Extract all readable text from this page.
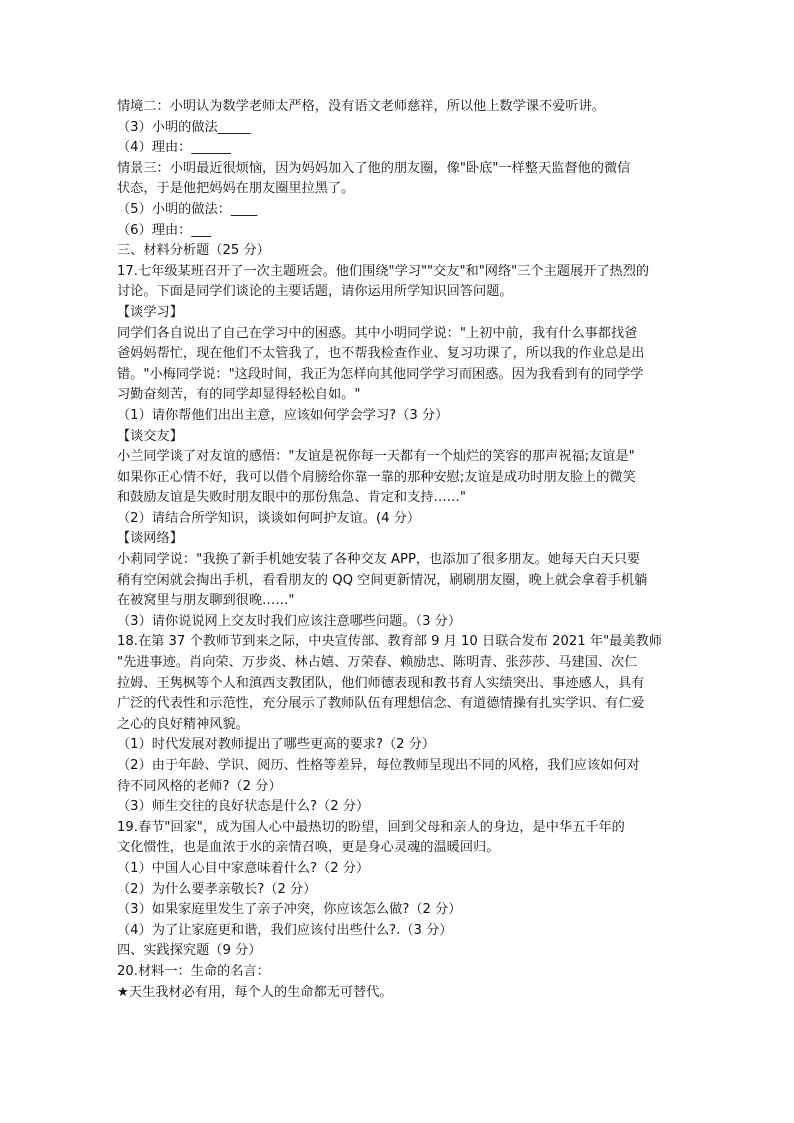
情境二：小明认为数学老师太严格，没有语文老师慈祥，所以他上数学课不爱听讲。
（3）小明的做法_____
（4）理由：______
情景三：小明最近很烦恼，因为妈妈加入了他的朋友圈，像"卧底"一样整天监督他的微信
状态，于是他把妈妈在朋友圈里拉黑了。
（5）小明的做法：____
（6）理由：___
三、材料分析题（25 分）
17.七年级某班召开了一次主题班会。他们围绕"学习""交友"和"网络"三个主题展开了热烈的
讨论。下面是同学们谈论的主要话题，请你运用所学知识回答问题。
【谈学习】
同学们各自说出了自己在学习中的困惑。其中小明同学说："上初中前，我有什么事都找爸
爸妈妈帮忙，现在他们不太管我了，也不帮我检查作业、复习功课了，所以我的作业总是出
错。"小梅同学说："这段时间，我正为怎样向其他同学学习而困惑。因为我看到有的同学学
习勤奋刻苦，有的同学却显得轻松自如。"
（1）请你帮他们出出主意，应该如何学会学习?（3 分）
【谈交友】
小兰同学谈了对友谊的感悟："友谊是祝你每一天都有一个灿烂的笑容的那声祝福;友谊是"
如果你正心情不好，我可以借个肩膀给你靠一靠的那种安慰;友谊是成功时朋友脸上的微笑
和鼓励友谊是失败时朋友眼中的那份焦急、肯定和支持……"
（2）请结合所学知识，谈谈如何呵护友谊。(4 分）
【谈网络】
小莉同学说："我换了新手机她安装了各种交友 APP，也添加了很多朋友。她每天白天只要
稍有空闲就会掏出手机，看看朋友的 QQ 空间更新情况，刷刷朋友圈，晚上就会拿着手机躺
在被窝里与朋友聊到很晚……"
（3）请你说说网上交友时我们应该注意哪些问题。（3 分）
18.在第 37 个教师节到来之际，中央宣传部、教育部 9 月 10 日联合发布 2021 年"最美教师
"先进事迹。肖向荣、万步炎、林占嬉、万荣春、赖励忠、陈明青、张莎莎、马建国、次仁
拉姆、王隽枫等个人和滇西支教团队，他们师德表现和教书育人实绩突出、事迹感人，具有
广泛的代表性和示范性，充分展示了教师队伍有理想信念、有道德情操有扎实学识、有仁爱
之心的良好精神风貌。
（1）时代发展对教师提出了哪些更高的要求?（2 分）
（2）由于年龄、学识、阅历、性格等差异，每位教师呈现出不同的风格，我们应该如何对
待不同风格的老师?（2 分）
（3）师生交往的良好状态是什么?（2 分）
19.春节"回家"，成为国人心中最热切的盼望，回到父母和亲人的身边，是中华五千年的
文化惯性，也是血浓于水的亲情召唤，更是身心灵魂的温暖回归。
（1）中国人心目中家意味着什么?（2 分）
（2）为什么要孝亲敬长?（2 分）
（3）如果家庭里发生了亲子冲突，你应该怎么做?（2 分）
（4）为了让家庭更和谐，我们应该付出些什么?.（3 分）
四、实践探究题（9 分）
20.材料一：生命的名言：
★天生我材必有用，每个人的生命都无可替代。
